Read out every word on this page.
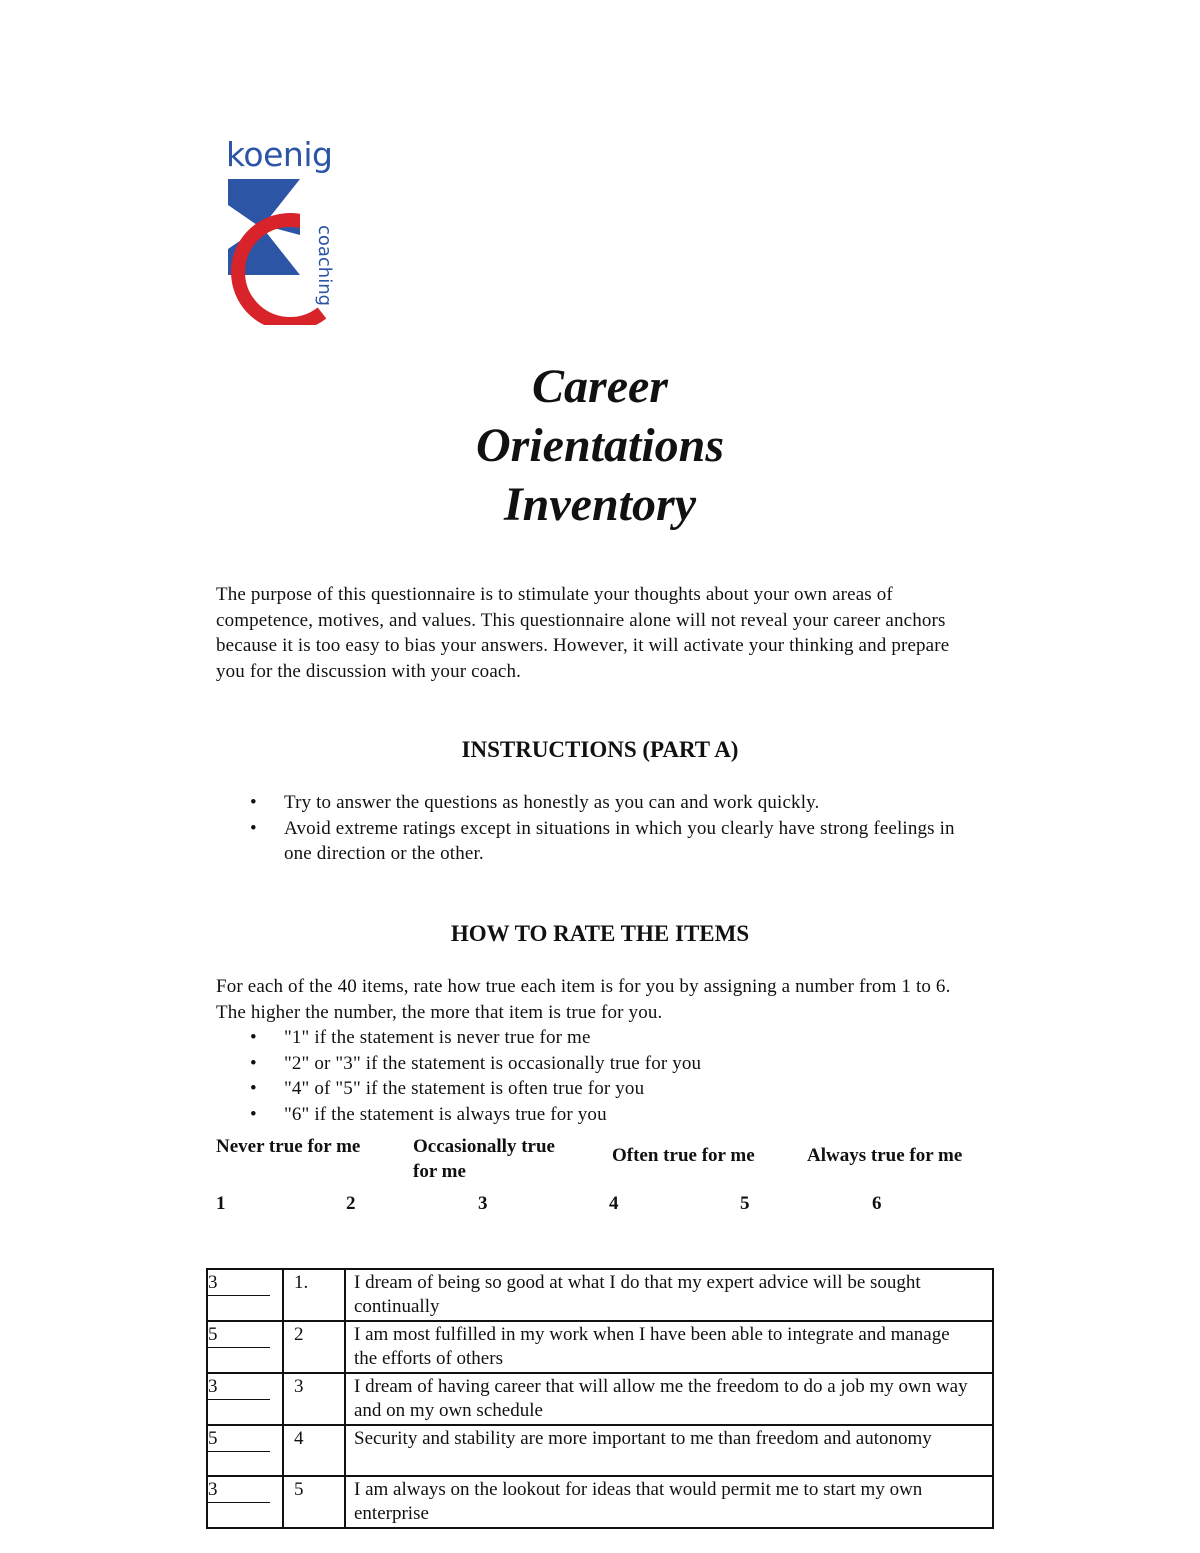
koenig
coaching
Career
Orientations
Inventory
The purpose of this questionnaire is to stimulate your thoughts about your own areas of competence, motives, and values. This questionnaire alone will not reveal your career anchors because it is too easy to bias your answers. However, it will activate your thinking and prepare you for the discussion with your coach.
INSTRUCTIONS (PART A)
• Try to answer the questions as honestly as you can and work quickly.
• Avoid extreme ratings except in situations in which you clearly have strong feelings in one direction or the other.
HOW TO RATE THE ITEMS
For each of the 40 items, rate how true each item is for you by assigning a number from 1 to 6. The higher the number, the more that item is true for you.
• "1" if the statement is never true for me
• "2" or "3" if the statement is occasionally true for you
• "4" of "5" if the statement is often true for you
• "6" if the statement is always true for you
Never true for me	Occasionally true for me
Often true for me	Always true for me
1	2	3	4	5	6
3	1.	I dream of being so good at what I do that my expert advice will be sought continually
5	2	I am most fulfilled in my work when I have been able to integrate and manage the efforts of others
3	3	I dream of having career that will allow me the freedom to do a job my own way and on my own schedule
5	4	Security and stability are more important to me than freedom and autonomy
3	5	I am always on the lookout for ideas that would permit me to start my own enterprise
